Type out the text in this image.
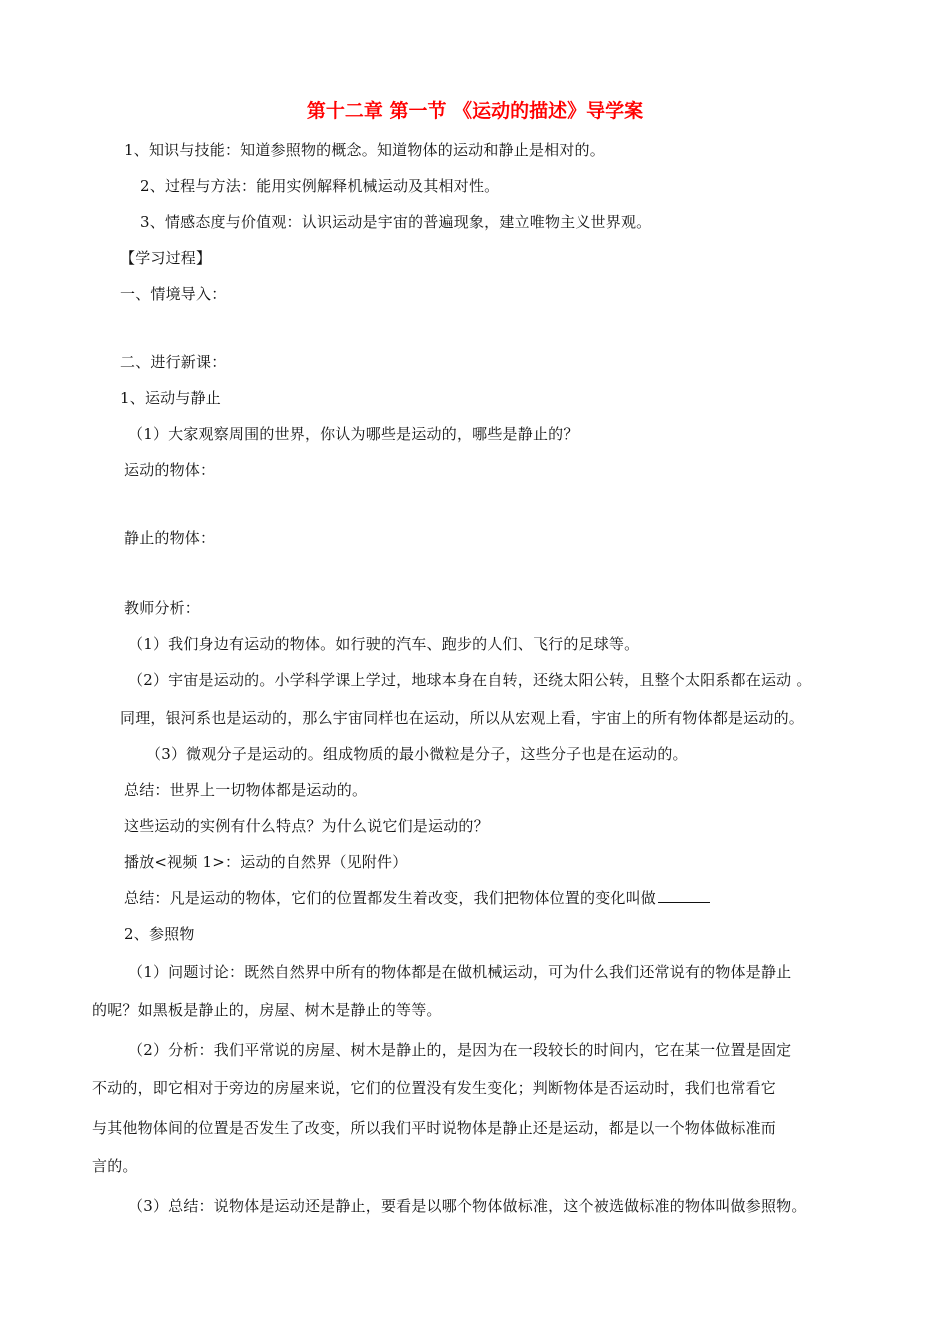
第十二章 第一节 《运动的描述》导学案
1、知识与技能：知道参照物的概念。知道物体的运动和静止是相对的。
2、过程与方法：能用实例解释机械运动及其相对性。
3、情感态度与价值观：认识运动是宇宙的普遍现象，建立唯物主义世界观。
【学习过程】
一、情境导入：
二、进行新课：
1、运动与静止
（1）大家观察周围的世界，你认为哪些是运动的，哪些是静止的？
运动的物体：
静止的物体：
教师分析：
（1）我们身边有运动的物体。如行驶的汽车、跑步的人们、飞行的足球等。
（2）宇宙是运动的。小学科学课上学过，地球本身在自转，还绕太阳公转，且整个太阳系都在运动 。
同理，银河系也是运动的，那么宇宙同样也在运动，所以从宏观上看，宇宙上的所有物体都是运动的。
（3）微观分子是运动的。组成物质的最小微粒是分子，这些分子也是在运动的。
总结：世界上一切物体都是运动的。
这些运动的实例有什么特点？为什么说它们是运动的？
播放<视频 1>：运动的自然界（见附件）
总结：凡是运动的物体，它们的位置都发生着改变，我们把物体位置的变化叫做
2、参照物
（1）问题讨论：既然自然界中所有的物体都是在做机械运动，可为什么我们还常说有的物体是静止
的呢？如黑板是静止的，房屋、树木是静止的等等。
（2）分析：我们平常说的房屋、树木是静止的，是因为在一段较长的时间内，它在某一位置是固定
不动的，即它相对于旁边的房屋来说，它们的位置没有发生变化；判断物体是否运动时，我们也常看它
与其他物体间的位置是否发生了改变，所以我们平时说物体是静止还是运动，都是以一个物体做标准而
言的。
（3）总结：说物体是运动还是静止，要看是以哪个物体做标准，这个被选做标准的物体叫做参照物。
